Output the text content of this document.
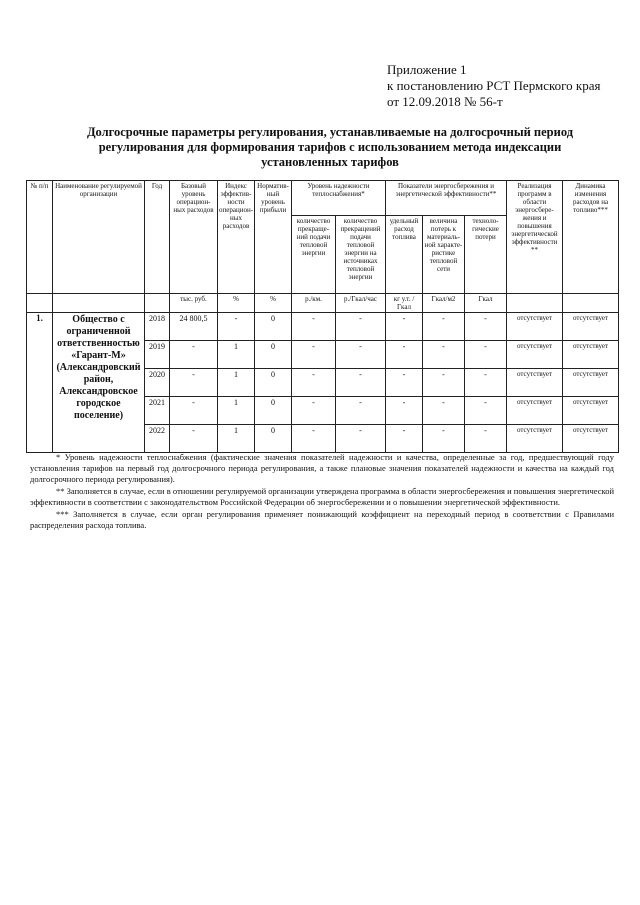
Приложение 1
к постановлению РСТ Пермского края
от 12.09.2018 № 56-т
Долгосрочные параметры регулирования, устанавливаемые на долгосрочный период
регулирования для формирования тарифов с использованием метода индексации
установленных тарифов
№ п/п	Наименование регулируемой организации	Год	Базовый уровень операцион-ных расходов	Индекс эффектив-ности операцион-ных расходов	Норматив-ный уровень прибыли	Уровень надежности теплоснабжения*		Показатели энергосбережения и энергетической эффективности**			Реализация программ в области энергосбере-жения и повышения энергетической эффективности **	Динамика изменения расходов на топливо***
						количество прекраще-ний подачи тепловой энергии	количество прекращений подачи тепловой энергии на источниках тепловой энергии	удельный расход топлива	величина потерь к материаль-ной характе-ристике тепловой сети	техноло-гические потери		
			тыс. руб.	%	%	р./км.	р./Гкал/час	кг у.т. /Гкал	Гкал/м2	Гкал		
1.	Общество с ограниченной ответственностью «Гарант-М» (Александровский район, Александровское городское поселение)	2018	24 800,5	-	0	-	-	-	-	-	отсутствует	отсутствует
		2019	-	1	0	-	-	-	-	-	отсутствует	отсутствует
		2020	-	1	0	-	-	-	-	-	отсутствует	отсутствует
		2021	-	1	0	-	-	-	-	-	отсутствует	отсутствует
		2022	-	1	0	-	-	-	-	-	отсутствует	отсутствует

* Уровень надежности теплоснабжения (фактические значения показателей надежности и качества, определенные за год, предшествующий году установления тарифов на первый год долгосрочного периода регулирования, а также плановые значения показателей надежности и качества на каждый год долгосрочного периода регулирования).

** Заполняется в случае, если в отношении регулируемой организации утверждена программа в области энергосбережения и повышения энергетической эффективности в соответствии с законодательством Российской Федерации об энергосбережении и о повышении энергетической эффективности.

*** Заполняется в случае, если орган регулирования применяет понижающий коэффициент на переходный период в соответствии с Правилами распределения расхода топлива.
